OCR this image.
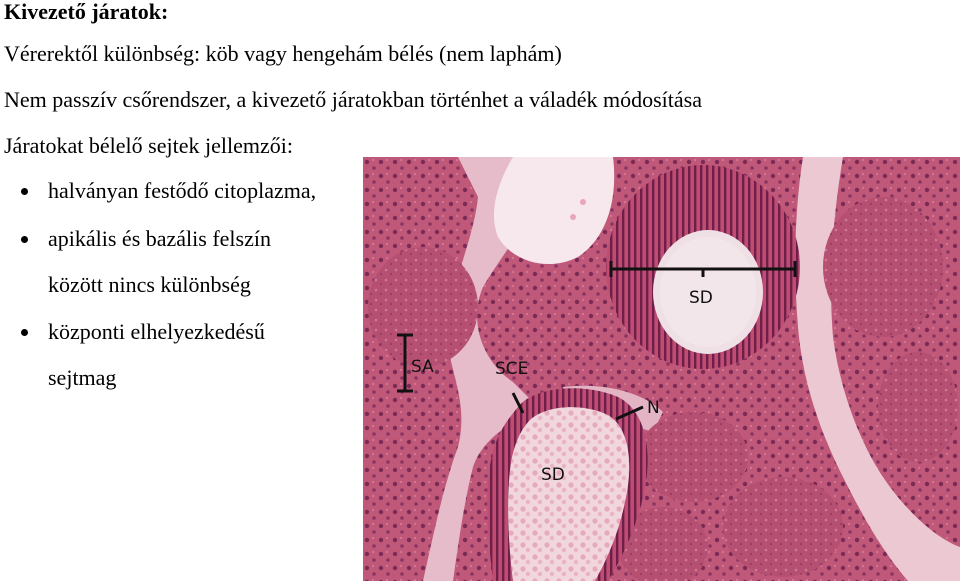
Kivezető járatok:
Vérerektől különbség: köb vagy hengehám bélés (nem laphám)
Nem passzív csőrendszer, a kivezető járatokban történhet a váladék módosítása
Járatokat bélelő sejtek jellemzői:
halványan festődő citoplazma,
apikális és bazális felszín
között nincs különbség
központi elhelyezkedésű
sejtmag
SD
SD
SA	SCE
N
